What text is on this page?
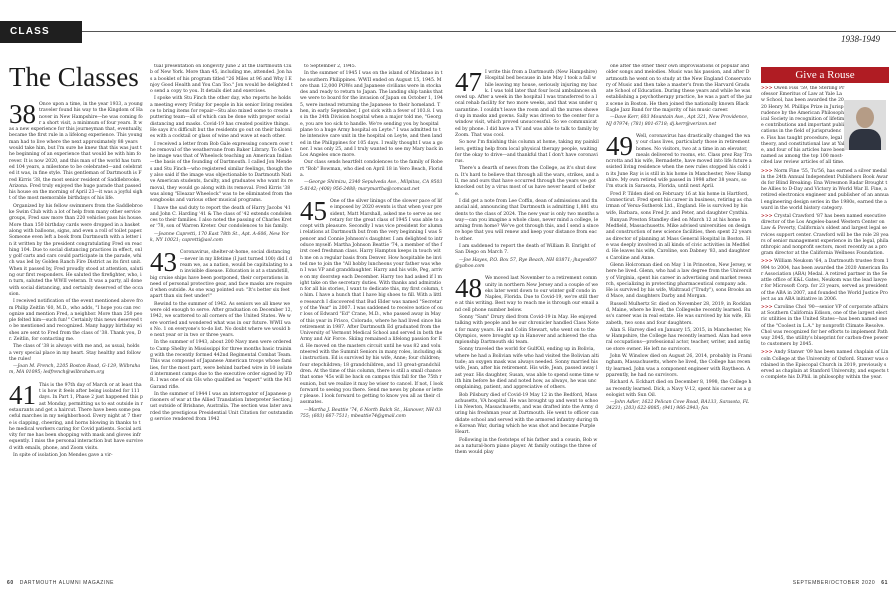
CLASS NOTES
1938-1949
The Classes

38 Once upon a time, in the year 1933, a young traveler found his way to the Kingdom of Hanover in New Hampshire—he was coming for a short visit, a minimum of four years. It was a new experience for this journeyman that, eventually, became the first rule in a lifelong experience. This young man had to live where the next approximately 88 years would take him, but I'm sure he knew that this was just the beginning of an experience that would be with him forever. It is now 2020, and this man of the world has turned 104 years, a milestone to be celebrated—and celebrated it was, in fine style. This gentleman of Dartmouth is Fred Kirris '38, the most senior resident of Saddlebrooke, Arizona. Fred truly enjoyed the huge parade that passed his house on the morning of April 23—it was a joyful sight of the most memorable birthdays of his life.

Organized by his fellow swimmers from the Saddlebrooke Swim Club with a lot of help from many other service groups, Fred saw more than 220 vehicles pass his house. More than 150 birthday cards were dropped in a basket along with balloons, signs, and even a roll of toilet paper. Someone even left a book from Dartmouth with a letter in it written by the president congratulating Fred on reaching 104. Due to social distancing practices in effect, only golf carts and cars could participate in the parade, which was led by Golden Ranch Fire District as its first unit. When it passed by, Fred proudly stood at attention, saluting our first responders. He saluted the firefighter, who, in turn, saluted the WWII veteran. It was a party, all done with social distancing, and certainly deserved of the occasion.

I received notification of the event mentioned above from Philip Zeitlin '60, M.D., who adds, "I hope you can recognize and mention Fred, a neighbor. More than 250 people felted him—such fun!" Certainly this news deserved to be mentioned and recognized. Many happy birthday wishes are sent to Fred from the class of '38. Thank you, Dr. Zeitlin, for contacting me.

The class of '38 is always with me and, as usual, holds a very special place in my heart. Stay healthy and follow the rules!

—Joan M. French, 2205 Boston Road, G-129, Wilbraham, MA 01095; ledfrench@wilbraham.org

41 This is the 97th day of March or at least that is how it feels after being isolated for 111 days. In Part 1, Phase 2 just happened this past Monday, permitting us to eat outside in restaurants and get a haircut. There have been some peaceful marches in my neighborhood. Every night at 7 there is clapping, cheering, and horns blowing in thanks to the medical workers caring for Covid patients. Social activity for me has been shopping with mask and gloves infrequently. I miss the personal interaction but have survived with emails, phone, and Zoom visits.

In spite of isolation Jon Mendes gave a vir-

tual presentation on longevity June 2 at the Dartmouth Club of New York. More than 45, including me, attended. Jon has a booklet of his program titled "26 Miles at 96 and Why I Enjoy Good Health and You Can Too." Jon would be delighted to send a copy to you. It details diet and exercises.

I spoke with Stu Finch the other day, who reports he holds a meeting every Friday for people in his senior living residence to bring items for repair—Stu also mixed some to create a puttering team—all of which can be done with proper social distancing and masks. Covid-19 has created positive things. He says it's difficult but the residents go out on their balconies with a cocktail or glass of wine and wave at each other.

I received a letter from Bob Gale expressing concern over the removal of the weathervane from Baker Library. To Gale the image was that of Wheelock teaching an American Indian—the basis of the founding of Dartmouth. I called Jon Mendes and Stu Finch—who registered similar feelings, though they also said if the image was objectionable to Dartmouth Native American students, faculty, and graduates who want its removal, they would go along with its removal. Fred Kirris '38 was along "Eleazar Wheelock" was to be eliminated from the songbooks and various other musical programs.

I have the sad duty to report the death of Harry Jacobs '41 and John C. Harding '41 & The class of '42 extends condolences to their families. I also noted the passing of Charles Kreter '78, son of Warren Kreter. Our condolences to his family.

—Jeanne Capretti, 170 East 78th St., Apt. A-606, New York, NY 10021; capretti@aol.com

43 Coronavirus, shelter-at-home, social distancing—never in my lifetime (I just turned 100) did I dream we, as a nation, would be capitulating to an invisible disease. Education is at a standstill, big cruise ships have been postponed, their corporations in need of personal protective gear, and face masks are required when outside. As one wag pointed out: "It's better six feet apart than six feet under!"

Rewind to the summer of 1942. As seniors we all knew we were old enough to serve. After graduation on December 12, 1942, we scattered to all corners of the United States. We were worried and wondered what was in our future. WWII was No. 1 on everyone's to-do list. No doubt where we would be next year or in two or three years.

In the summer of 1943, about 200 Navy men were ordered to Camp Shelby in Mississippi for three months basic training with the recently formed 442nd Regimental Combat Team. This was composed of Japanese American troops whose families, for the most part, were behind barbed wire in 10 isolated internment camps due to the executive order signed by FDR. I was one of six GIs who qualified as "expert" with the M1 Garand rifle.

In the summer of 1944 I was an interrogator of Japanese prisoners of war at the Allied Translation Interpreter Section just outside of Brisbane, Australia. The section was later awarded the prestigious Presidential Unit Citation for outstanding service rendered from 1942

to September 2, 1945.

In the summer of 1945 I was on the island of Mindanao in the southern Philippines. WWII ended on August 15, 1945. More than 12,000 POWs and Japanese civilians were in stockades and ready to return to Japan. The landing ship tanks that we were to board for the invasion of Japan on October 1, 1945, were instead returning the Japanese to their homeland. Then, in early September, I got sick with a fever of 103.8. I was in the 24th Division hospital when a major told me, "George, you are too sick to handle. We're sending you by hospital plane to a huge Army hospital on Leyte." I was admitted to the intensive care unit in the hospital on Leyte, and then landed in the Philippines for 105 days. I really thought I was a goner. I was only 25, and I truly wanted to see my Mary back in Los Angeles once more.

Our class sends heartfelt condolences to the family of Robert "Bob" Bowman, who died on April 18 in Vero Beach, Florida.

—George Shimizu, 2340 Sepulveda Ave., Milpitas, CA 95035-8142; (408) 956-2488; marymartha@comcast.net

45 One of the silver linings of the slower pace of life imposed by 2020 events is that when your president, Matt Marshall, asked me to serve as secretary for the great class of 1945 I was able to accept with pleasure. Secondly I was vice president for alumni relations at Dartmouth but from the very beginning I was Spencer and Connie Johnson's daughter. I am delighted to introduce myself: Martha Johnson Beattie '74, a member of the first coed freshman class. Harry Hampton keeps in touch with me on a regular basis from Denver. How hospitable he invited me to join the "All hobby luncheons your father was when I was VP and granddaughter. Harry and his wife, Peg, arrive on my doorstep each December. Harry too had asked if I might take on the secretary duties. With thanks and admiration for all his stories, I want to dedicate this, my first column, to him. I have a hunch that I have big shoes to fill. With a little research I discovered that Bud Elder was named "Secretary of the Year" in 2007. I was saddened to receive notice of our loss of Edward "Ed" Crane, M.D., who passed away in May of this year in Frisco, Colorado, where he had lived since his retirement in 1987. After Dartmouth Ed graduated from the University of Vermont Medical School and served in both the Army and Air Force. Skiing remained a lifelong passion for Ed. He moved on the masters circuit until he was 82 and volunteered with the Summit Seniors in many roles, including ski instruction. Ed is survived by his wife, Anne; four children; four stepchildren; 18 grandchildren, and 13 great-grandchildren. At the time of this column, there is still a small chance that some '45s will be back on campus this fall for the 75th reunion, but we realize it may be wiser to cancel. If not, I look forward to seeing you there. Send me news by phone or letter please. I look forward to getting to know you all as their classmates.

—Martha J. Beattie '74, 6 North Balch St., Hanover, NH 03755; (603) 667-7511; mbeattie74@gmail.com

47 I write this from a Dartmouth (New Hampshire) Hospital bed because in late May I took a fall while leaving my house, seriously injuring my back. I was told later that four local ambulances showed up. After a week in the hospital I was transferred to a local rehab facility for two more weeks, and that was under quarantine. I couldn't leave the room and all the nurses showed up in masks and gowns. Sally was driven to the center for a window visit, which proved unsuccessful. So we communicated by phone. I did have a TV and was able to talk to family by Zoom. That was cool.

So now I'm finishing this column at home, taking my painkillers, getting help from local physical therapy people, waiting for the okay to drive—and thankful that I don't have coronavirus.

There's a dearth of news from the College, as it's shut down. It's hard to believe that through all the wars, strikes, and all, me and ours that have occurred through the years we got knocked out by a virus most of us have never heard of before.

I did get a note from Lee Coffin, dean of admissions and financial aid, announcing that Dartmouth is admitting 1,881 students to the class of 2024. The new year is only two months away—can you imagine a whole class, never mind a college, learning from home? We've got through this, and I send a sincere hope that you will renew and keep your distance from each other.

I am saddened to report the death of William B. Enright of San Diego on March 7.

—Joe Hayes, P.O. Box 57, Rye Beach, NH 03871; jhayes697@yahoo.com

48 We moved last November to a retirement community in northern New Jersey and a couple of weeks later went down to our winter golf condo in Naples, Florida. Due to Covid-19, we're still there at this writing. Best way to reach me is through our email and cell phone number below.

Sonny "Sam" Drury died from Covid-19 in May. He enjoyed talking with people and he our chronicler handled Class Notes for many years. He and Colin Stewart, who went on to the Olympics, were brought up in Hanover and achieved the championship Dartmouth ski team.

Sonny traveled the world for GulfOil, ending up in Bolivia, where he had a Bolivian wife who had visited the Bolivian altitude; an oxygen mask was always needed. Sonny married his wife, Jean, after his retirement. His wife, Jean, passed away last year. His daughter, Susan, was able to spend some time with him before he died and noted how, as always, he was uncomplaining, patient, and appreciative of others.

Bob Pilsbury died of Covid-19 May 12 in the Bedford, Massachusetts, VA hospital. He was brought up and went to school in Newton, Massachusetts, and was drafted into the Army during his freshman year at Dartmouth. He went to officer candidate school and served with the armored infantry during the Korean War, during which he was shot and became Purple Heart.

Following in the footsteps of his father and a cousin, Bob was a natural-born piano player. At family outings the three of them would play

one after the other their own improvisations of popular and older songs and melodies. Music was his passion, and after Dartmouth he went on to study at the New England Conservatory of Music and then take a master's from the Harvard Graduate School of Education. During these years and while he was establishing a psychotherapy practice, he was a part of the jazz scene in Boston. He then joined the nationally known Black Eagle Jazz Band for the majority of his music career.

—Dave Kerr, 603 Mountain Ave., Apt 321, New Providence, NJ 07974; (781) 801-6718; dj.kerr@verizon.net

49 Well, coronavirus has drastically changed the way our class lives, particularly those in retirement homes. No visitors, two at a time in an elevator, meals delivered to rooms, etc. Class prez Ray Trancrotta and his wife, Bernadette, have moved into life future assisted living residence when the new rules stopped his cold in its June Ray is is still in his home in Manchester, New Hampshire. My own retired wife passed in 1998 after 38 years, so I'm stuck in Sarasota, Florida, until next April.

Fred P. Tilden died on February 16 at his home in Hartford, Connecticut. Fred spent his career in business, retiring as chairman of Versa-Sutherok Ltd., England. He is survived by his wife, Barbara, sons Fred Jr. and Peter, and daughter Cynthia.

Runyan Preston Standley died on March 12 at his home in Medfield, Massachusetts. Mike advised universities on design and construction of new science facilities, then spent 22 years as director of planning at Mass General Hospital in Boston. He was deeply involved in all kinds of civic activities in Medfield. He leaves his wife, Caroline, son Dabney '83, and daughters Caroline and Anne.

Glenn Holcroman died on May 1 in Princeton, New Jersey, where he lived. Glenn, who had a law degree from the University of Virginia, spent his career in advertising and market research, specializing in protecting pharmaceutical company ads. He is survived by his wife, Waltraud ("Trudy"), sons Brooks and Mace, and daughters Darby and Morgan.

Russell Mulhertz Sr. died on November 28, 2019, in Rockland, Maine, where he lived, the Collegeshe recently learned. Russ's career was in real estate. He was survived by his wife, Elizabeth, two sons and four daughters.

Alan S. Harvey died on January 15, 2015, in Manchester, New Hampshire, the College has recently learned. Alan had several occupations—professional actor, teacher, writer, and antique store owner. He left no survivors.

John W. Winslow died on August 26, 2014, probably in Framingham, Massachusetts, where he lived, the College has recently learned. John was a component engineer with Raytheon. Apparently, he had no survivors.

Richard A. Eckhart died on December 8, 1998, the College has recently learned. Dick, a Navy V-12, spent his career as a geologist with Sun Oil.

—John Adler, 1622 Pelican Cove Road, BA133, Sarasota, FL 34231; (203) 622-8085; (941) 966-2943; fax

Give a Rouse

>>> Owen Fiss '59, the Sterling Professor Emeritus of Law at Yale Law School, has been awarded the 2020 Henry M. Phillips Prize in Jurisprudence by the American Philosophical Society in recognition of lifetime contributions and important publications in the field of jurisprudence. Fiss has taught procedure, legal theory, and constitutional law at Yale, and four of his articles have been named as among the top 100 most-cited law review articles of all time.

>>> Norm Fine '55, Tu'56, has earned a silver medal in the 24th Annual Independent Publishers Book Awards for Blind Breaking: Ena Wiresmon Radar Brought the Allies to D-Day and Victory in World War II. Fine, a retired electronics engineer and publisher of an annual engineering design series in the 1980s, earned the award in the world history category.

>>> Crystal Crawford '87 has been named executive director of the Los Angeles-based Western Center on Law & Poverty, California's oldest and largest legal services support center. Crawford will be the role 28 years of senior management experience in the legal, philanthropic and nonprofit sectors, most recently as a program director at the California Wellness Foundation.

>>> William Neukom '64, a Dartmouth trustee from 1994 to 2004, has been awarded the 2020 American Bar Association (ABA) Medal. A retired partner in the Seattle office of K&L Gates, Neukom was the lead lawyer for Microsoft Corp. for 23 years, served as president of the ABA in 2007, and founded the World Justice Project as an ABA initiative in 2006.

>>> Caroline Chol '90—senior VP of corporate affairs at Southern California Edison, one of the largest electric utilities in the United States—has been named one of the "Coolest in L.A." by nonprofit Climate Resolve. Chol was recognized for her efforts to implement Pathway 2045, the utility's blueprint for carbon-free power to customers by 2045.

>>> Andy Stanwr '09 has been named chaplain of Lincoln College at the University of Oxford. Stanwr was ordained in the Episcopal Church in 2019, previously served as chaplain at Stanford University, and expects to complete his D.Phil. in philosophy within the year.

60 DARTMOUTH ALUMNI MAGAZINE	SEPTEMBER/OCTOBER 2020 61
